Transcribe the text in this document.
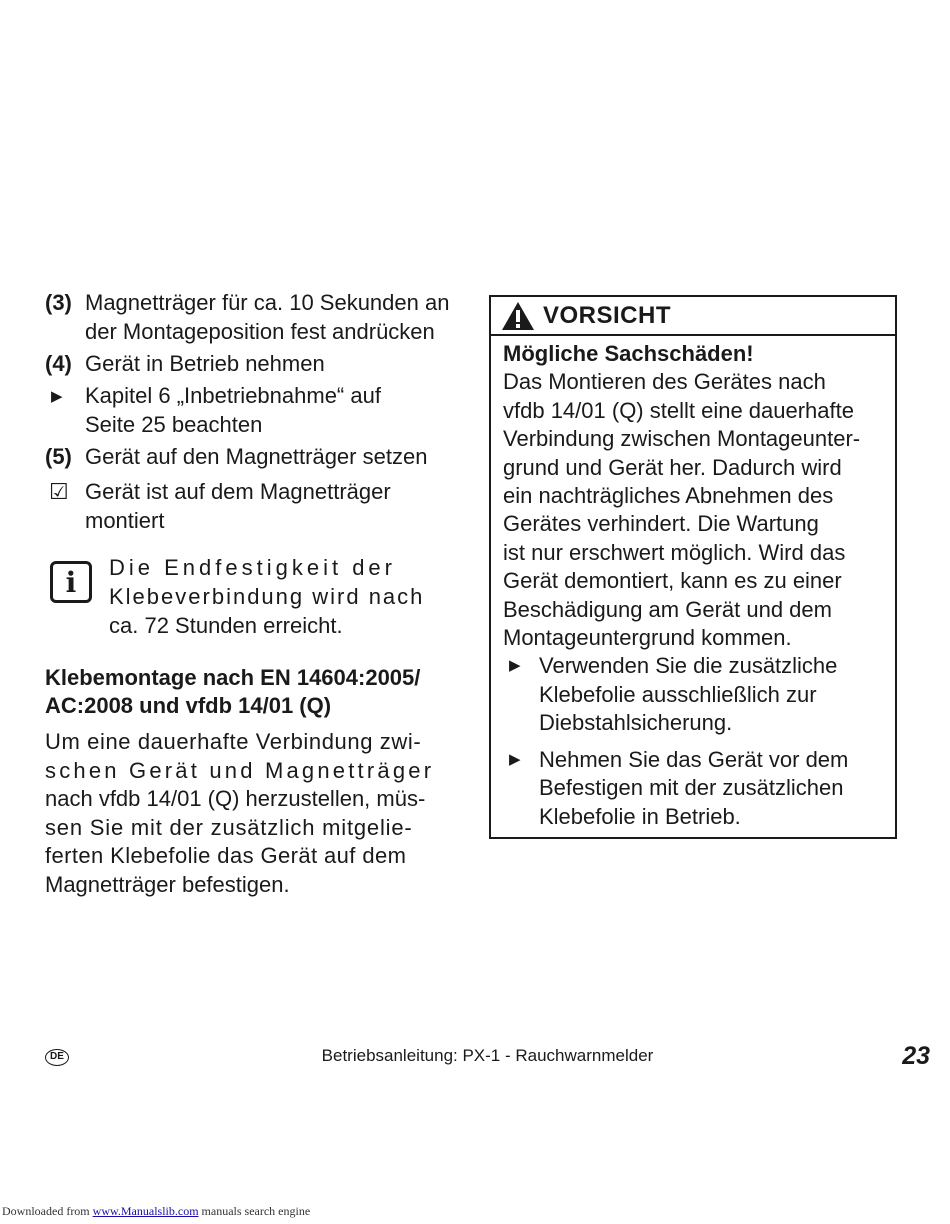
(3) Magnetträger für ca. 10 Sekunden an
der Montageposition fest andrücken
(4) Gerät in Betrieb nehmen
▶	Kapitel 6 „Inbetriebnahme“ auf
Seite 25 beachten
(5) Gerät auf den Magnetträger setzen
☑ Gerät ist auf dem Magnetträger
montiert
i	Die Endfestigkeit der
Klebeverbindung wird nach
ca. 72 Stunden erreicht.
Klebemontage nach EN 14604:2005/
AC:2008 und vfdb 14/01 (Q)
Um eine dauerhafte Verbindung zwi-
schen Gerät und Magnetträger
nach vfdb 14/01 (Q) herzustellen, müs-
sen Sie mit der zusätzlich mitgelie-
ferten Klebefolie das Gerät auf dem
Magnetträger befestigen.
VORSICHT
Mögliche Sachschäden!
Das Montieren des Gerätes nach
vfdb 14/01 (Q) stellt eine dauerhafte
Verbindung zwischen Montageunter-
grund und Gerät her. Dadurch wird
ein nachträgliches Abnehmen des
Gerätes verhindert. Die Wartung
ist nur erschwert möglich. Wird das
Gerät demontiert, kann es zu einer
Beschädigung am Gerät und dem
Montageuntergrund kommen.
▶ Verwenden Sie die zusätzliche
Klebefolie ausschließlich zur
Diebstahlsicherung.
▶ Nehmen Sie das Gerät vor dem
Befestigen mit der zusätzlichen
Klebefolie in Betrieb.
DE	Betriebsanleitung: PX-1 - Rauchwarnmelder	23
Downloaded from www.Manualslib.com manuals search engine
